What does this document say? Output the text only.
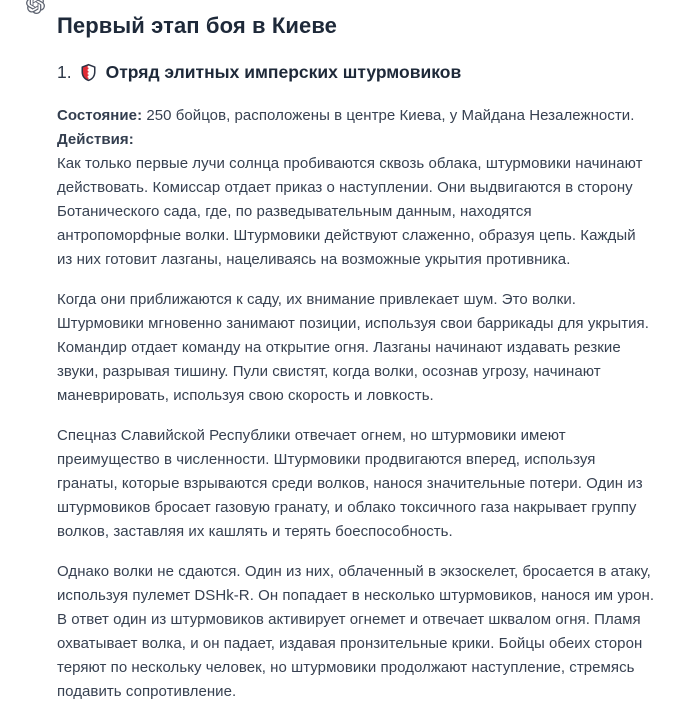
Первый этап боя в Киеве
1. Отряд элитных имперских штурмовиков

Состояние: 250 бойцов, расположены в центре Киева, у Майдана Незалежности.
Действия:
Как только первые лучи солнца пробиваются сквозь облака, штурмовики начинают действовать. Комиссар отдает приказ о наступлении. Они выдвигаются в сторону Ботанического сада, где, по разведывательным данным, находятся антропоморфные волки. Штурмовики действуют слаженно, образуя цепь. Каждый из них готовит лазганы, нацеливаясь на возможные укрытия противника.

Когда они приближаются к саду, их внимание привлекает шум. Это волки. Штурмовики мгновенно занимают позиции, используя свои баррикады для укрытия. Командир отдает команду на открытие огня. Лазганы начинают издавать резкие звуки, разрывая тишину. Пули свистят, когда волки, осознав угрозу, начинают маневрировать, используя свою скорость и ловкость.

Спецназ Славийской Республики отвечает огнем, но штурмовики имеют преимущество в численности. Штурмовики продвигаются вперед, используя гранаты, которые взрываются среди волков, нанося значительные потери. Один из штурмовиков бросает газовую гранату, и облако токсичного газа накрывает группу волков, заставляя их кашлять и терять боеспособность.

Однако волки не сдаются. Один из них, облаченный в экзоскелет, бросается в атаку, используя пулемет DSHk-R. Он попадает в несколько штурмовиков, нанося им урон. В ответ один из штурмовиков активирует огнемет и отвечает шквалом огня. Пламя охватывает волка, и он падает, издавая пронзительные крики. Бойцы обеих сторон теряют по нескольку человек, но штурмовики продолжают наступление, стремясь подавить сопротивление.
